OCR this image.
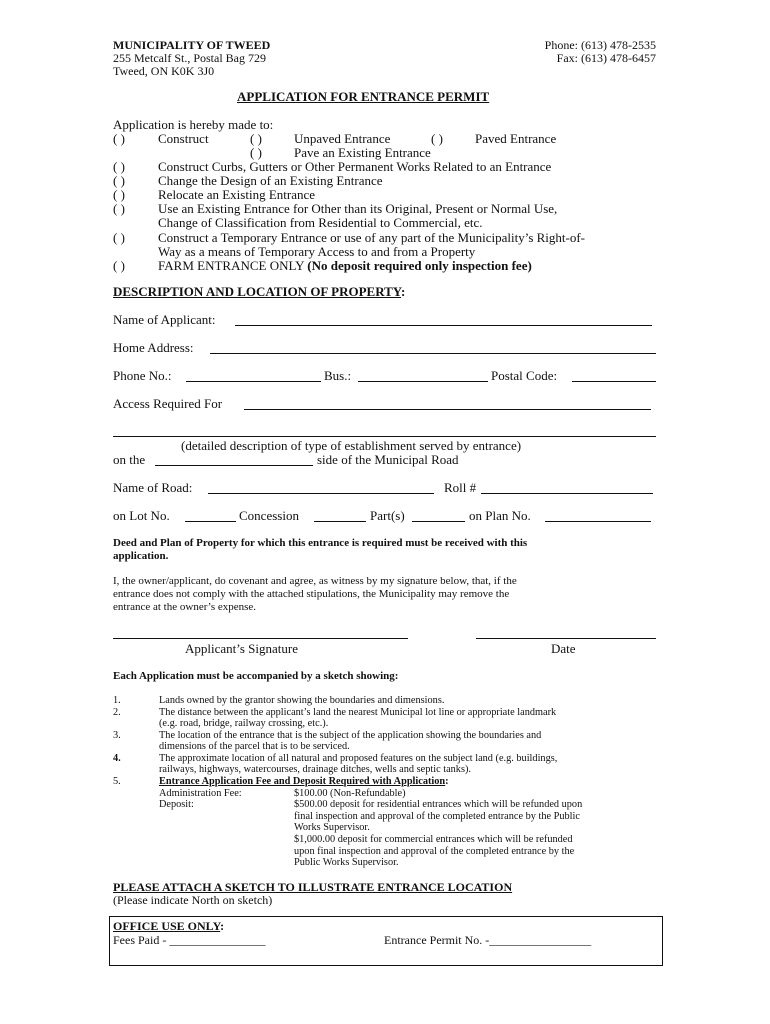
MUNICIPALITY OF TWEED
255 Metcalf St., Postal Bag 729
Tweed, ON K0K 3J0
Phone: (613) 478-2535
Fax: (613) 478-6457
APPLICATION FOR ENTRANCE PERMIT
Application is hereby made to:
( )	Construct	( ) Unpaved Entrance	( ) Paved Entrance
( ) Pave an Existing Entrance
( )	Construct Curbs, Gutters or Other Permanent Works Related to an Entrance
( )	Change the Design of an Existing Entrance
( )	Relocate an Existing Entrance
( )	Use an Existing Entrance for Other than its Original, Present or Normal Use,
Change of Classification from Residential to Commercial, etc.
( )	Construct a Temporary Entrance or use of any part of the Municipality’s Right-of-
Way as a means of Temporary Access to and from a Property
( )	FARM ENTRANCE ONLY (No deposit required only inspection fee)
DESCRIPTION AND LOCATION OF PROPERTY:
Name of Applicant:
Home Address:
Phone No.:	Bus.:	Postal Code:
Access Required For
(detailed description of type of establishment served by entrance)
on the	side of the Municipal Road
Name of Road:	Roll #
on Lot No.	Concession	Part(s)	on Plan No.
Deed and Plan of Property for which this entrance is required must be received with this
application.
I, the owner/applicant, do covenant and agree, as witness by my signature below, that, if the
entrance does not comply with the attached stipulations, the Municipality may remove the
entrance at the owner’s expense.
Applicant’s Signature	Date
Each Application must be accompanied by a sketch showing:
1.	Lands owned by the grantor showing the boundaries and dimensions.
2.	The distance between the applicant’s land the nearest Municipal lot line or appropriate landmark
(e.g. road, bridge, railway crossing, etc.).
3.	The location of the entrance that is the subject of the application showing the boundaries and
dimensions of the parcel that is to be serviced.
4.	The approximate location of all natural and proposed features on the subject land (e.g. buildings,
railways, highways, watercourses, drainage ditches, wells and septic tanks).
5.	Entrance Application Fee and Deposit Required with Application:
Administration Fee:	$100.00 (Non-Refundable)
Deposit:	$500.00 deposit for residential entrances which will be refunded upon
final inspection and approval of the completed entrance by the Public
Works Supervisor.
$1,000.00 deposit for commercial entrances which will be refunded
upon final inspection and approval of the completed entrance by the
Public Works Supervisor.
PLEASE ATTACH A SKETCH TO ILLUSTRATE ENTRANCE LOCATION
(Please indicate North on sketch)
OFFICE USE ONLY:
Fees Paid - ________________	Entrance Permit No. -_________________
